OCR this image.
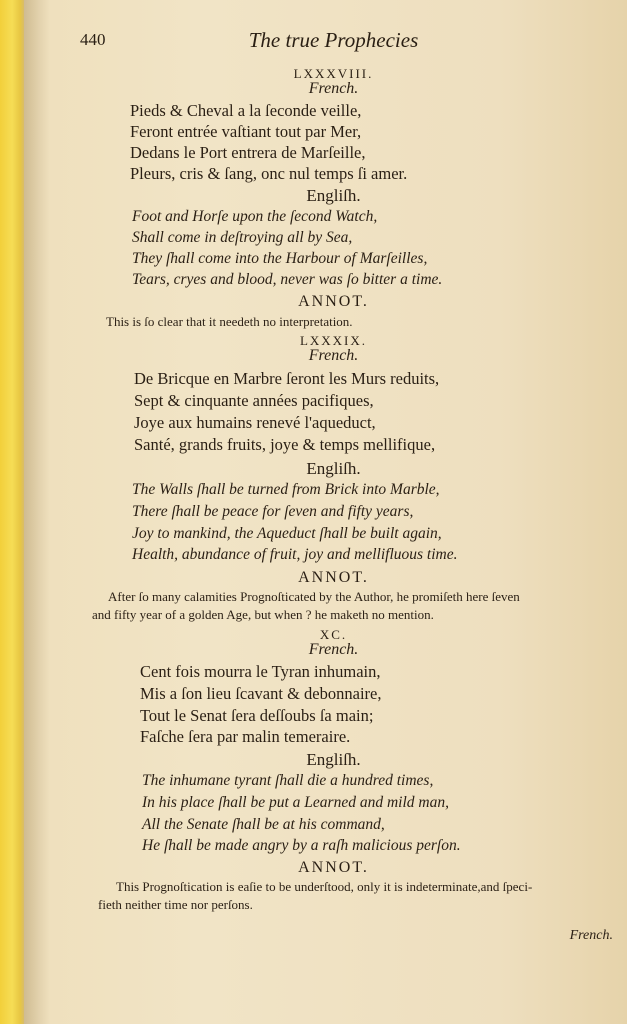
440	The true Prophecies
LXXXVIII.
French.
Pieds & Cheval a la ſeconde veille,
Feront entrée vaſtiant tout par Mer,
Dedans le Port entrera de Marſeille,
Pleurs, cris & ſang, onc nul temps ſi amer.
Engliſh.
Foot and Horſe upon the ſecond Watch,
Shall come in deſtroying all by Sea,
They ſhall come into the Harbour of Marſeilles,
Tears, cryes and blood, never was ſo bitter a time.
ANNOT.
This is ſo clear that it needeth no interpretation.
LXXXIX.
French.
De Bricque en Marbre ſeront les Murs reduits,
Sept & cinquante années pacifiques,
Joye aux humains renevé l'aqueduct,
Santé, grands fruits, joye & temps mellifique,
Engliſh.
The Walls ſhall be turned from Brick into Marble,
There ſhall be peace for ſeven and fifty years,
Joy to mankind, the Aqueduct ſhall be built again,
Health, abundance of fruit, joy and mellifluous time.
ANNOT.
After ſo many calamities Prognoſticated by the Author, he promiſeth here ſeven
and fifty year of a golden Age, but when ? he maketh no mention.
XC.
French.
Cent fois mourra le Tyran inhumain,
Mis a ſon lieu ſcavant & debonnaire,
Tout le Senat ſera deſſoubs ſa main;
Faſche ſera par malin temeraire.
Engliſh.
The inhumane tyrant ſhall die a hundred times,
In his place ſhall be put a Learned and mild man,
All the Senate ſhall be at his command,
He ſhall be made angry by a raſh malicious perſon.
ANNOT.
This Prognoſtication is eaſie to be underſtood, only it is indeterminate,and ſpeci-
fieth neither time nor perſons.
French.
